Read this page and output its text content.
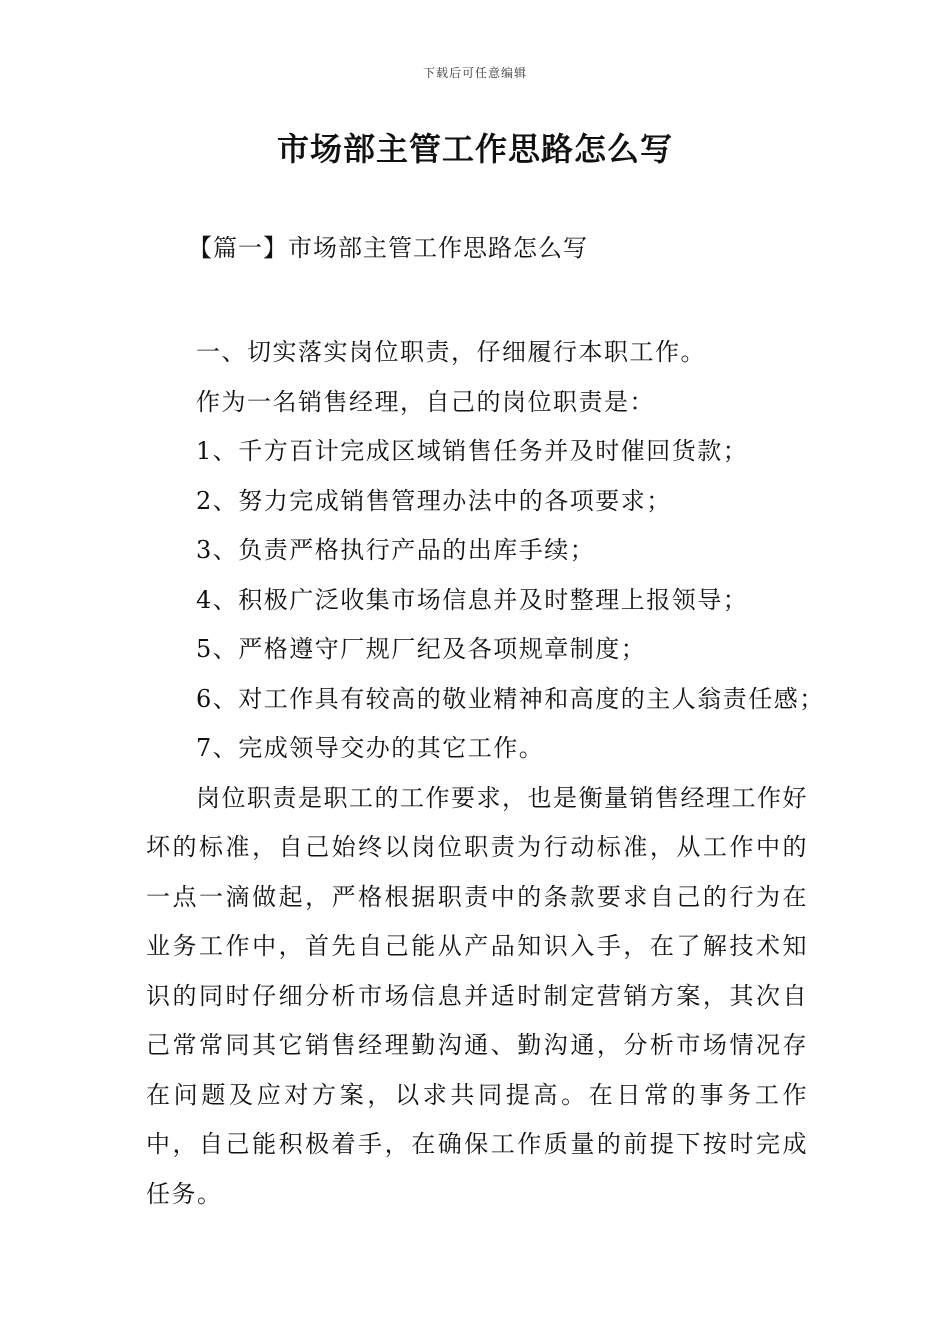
下载后可任意编辑
市场部主管工作思路怎么写
【篇一】市场部主管工作思路怎么写
一、切实落实岗位职责，仔细履行本职工作。
作为一名销售经理，自己的岗位职责是：
1、千方百计完成区域销售任务并及时催回货款；
2、努力完成销售管理办法中的各项要求；
3、负责严格执行产品的出库手续；
4、积极广泛收集市场信息并及时整理上报领导；
5、严格遵守厂规厂纪及各项规章制度；
6、对工作具有较高的敬业精神和高度的主人翁责任感；
7、完成领导交办的其它工作。

岗位职责是职工的工作要求，也是衡量销售经理工作好坏的标准，自己始终以岗位职责为行动标准，从工作中的一点一滴做起，严格根据职责中的条款要求自己的行为在业务工作中，首先自己能从产品知识入手，在了解技术知识的同时仔细分析市场信息并适时制定营销方案，其次自己常常同其它销售经理勤沟通、勤沟通，分析市场情况存在问题及应对方案，以求共同提高。在日常的事务工作中，自己能积极着手，在确保工作质量的前提下按时完成任务。
